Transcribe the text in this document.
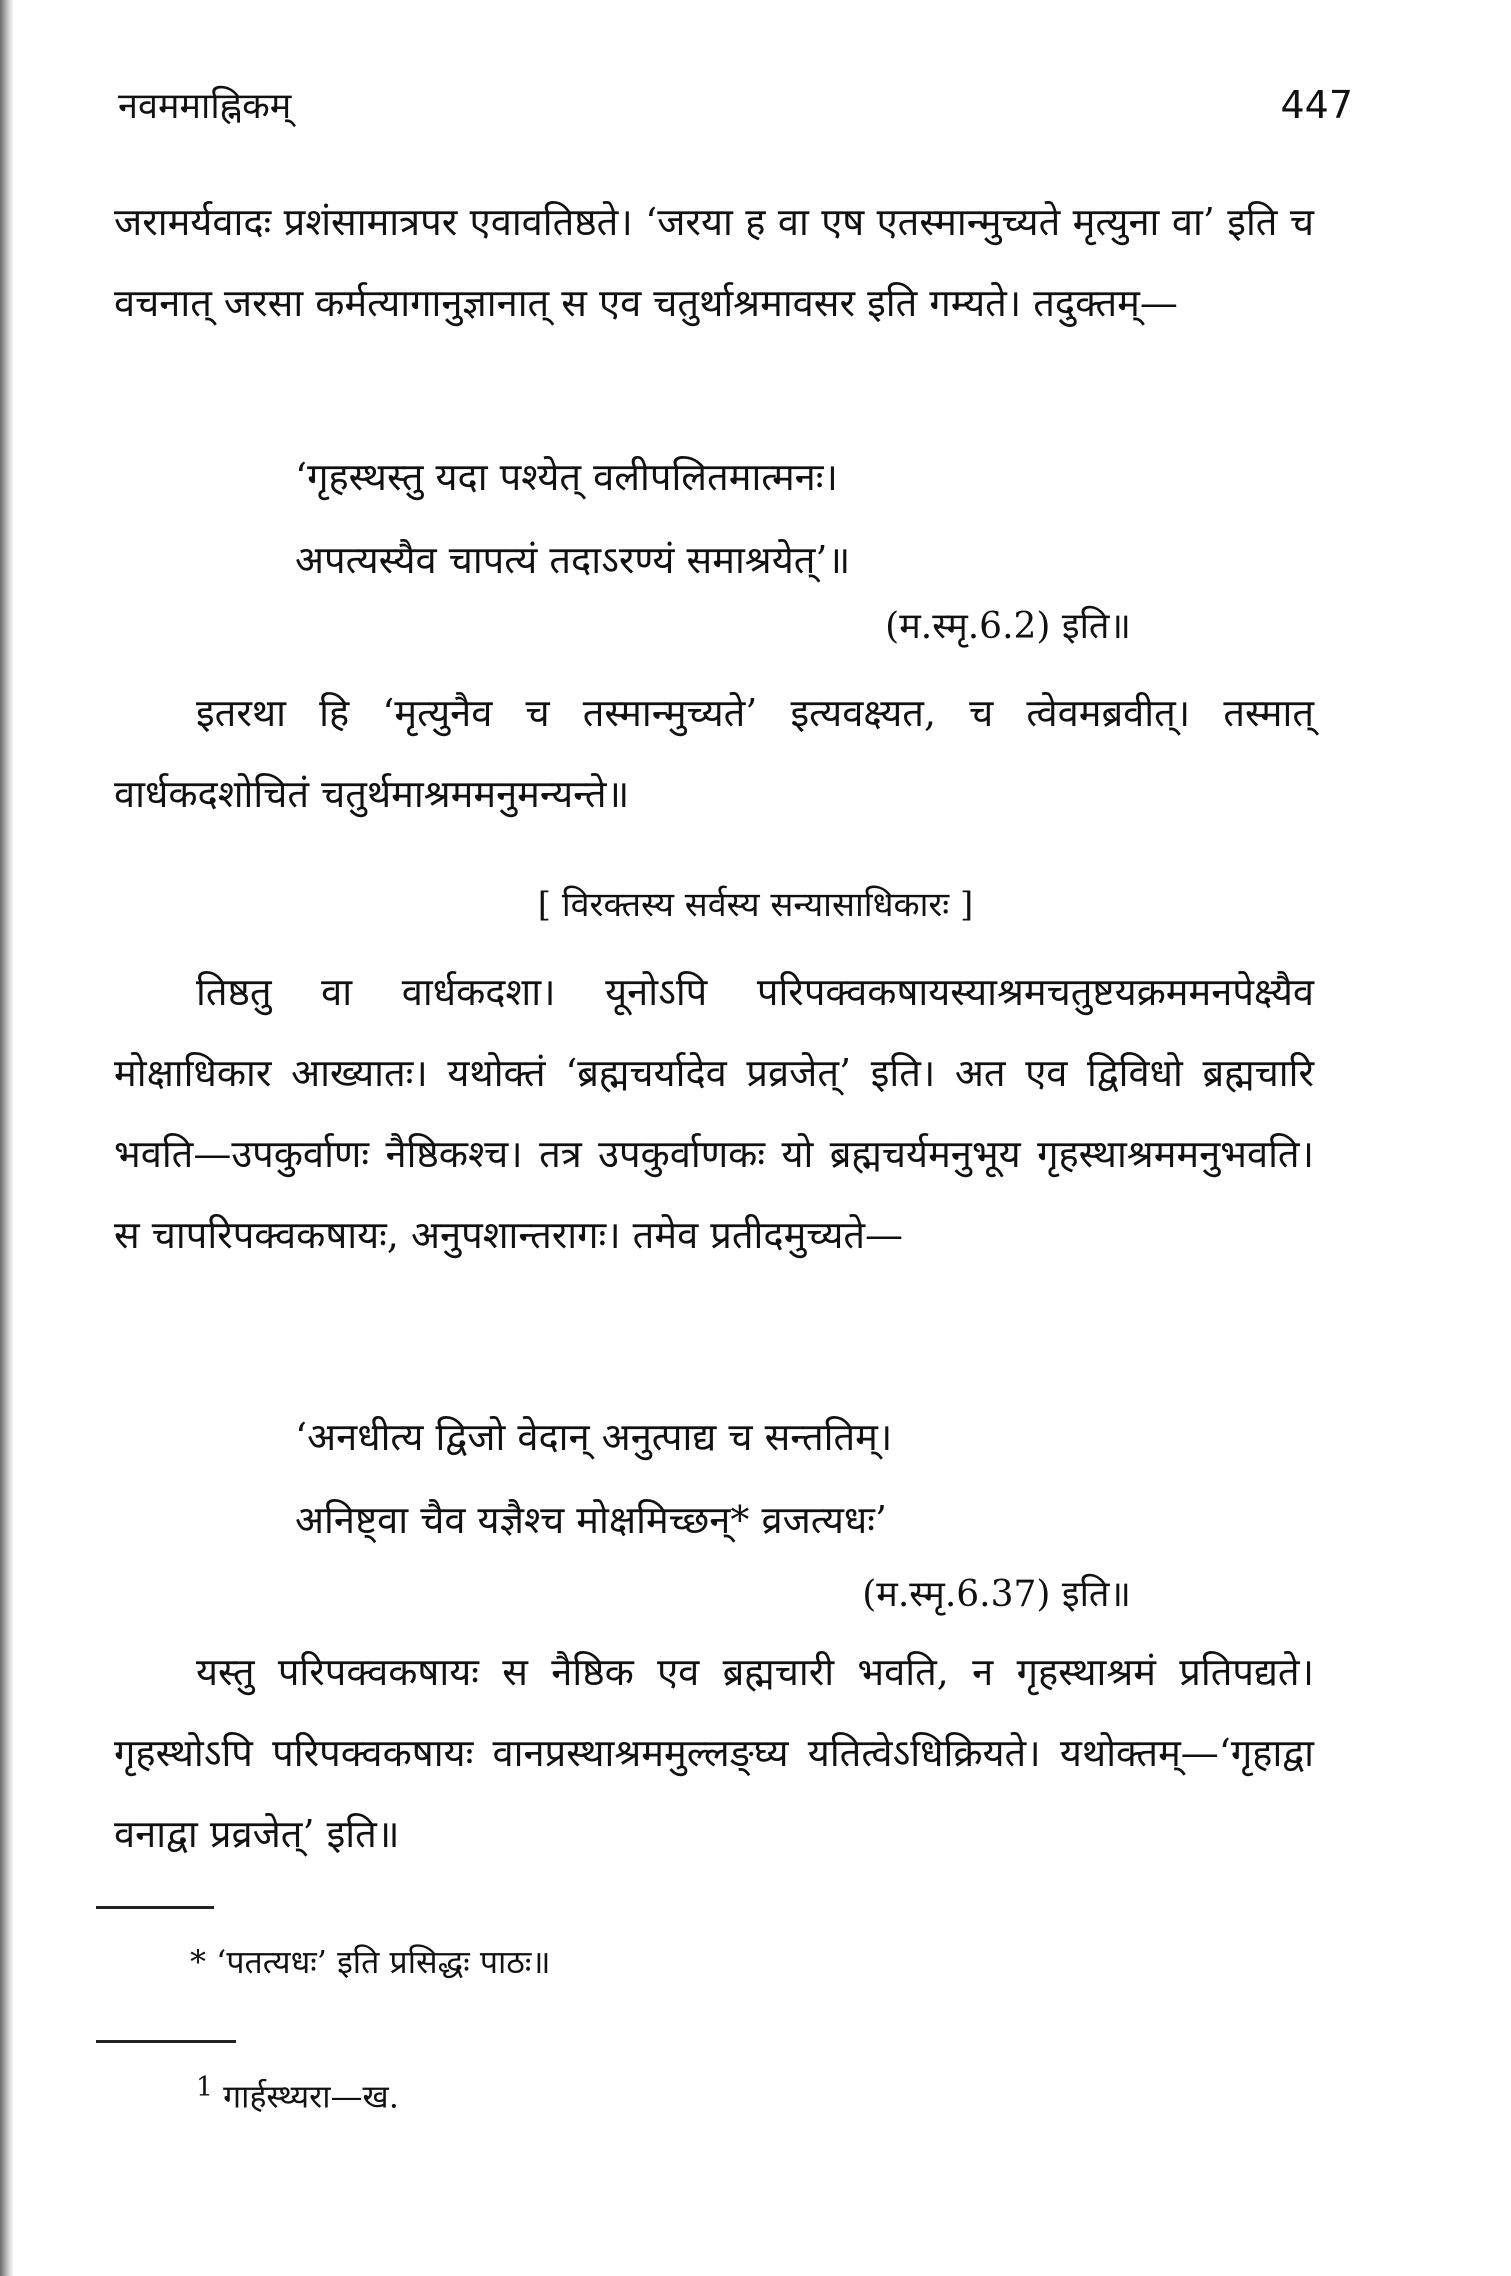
नवममाह्निकम्	447
जरामर्यवादः प्रशंसामात्रपर एवावतिष्ठते। ‘जरया ह वा एष एतस्मान्मुच्यते मृत्युना वा’ इति च वचनात् जरसा कर्मत्यागानुज्ञानात् स एव चतुर्थाश्रमावसर इति गम्यते। तदुक्तम्—
‘गृहस्थस्तु यदा पश्येत् वलीपलितमात्मनः।
अपत्यस्यैव चापत्यं तदाऽरण्यं समाश्रयेत्’॥
(म.स्मृ.6.2) इति॥
इतरथा हि ‘मृत्युनैव च तस्मान्मुच्यते’ इत्यवक्ष्यत, च त्वेवमब्रवीत्। तस्मात् वार्धकदशोचितं चतुर्थमाश्रममनुमन्यन्ते॥
[ विरक्तस्य सर्वस्य सन्यासाधिकारः ]
तिष्ठतु वा वार्धकदशा। यूनोऽपि परिपक्वकषायस्याश्रमचतुष्टयक्रममनपेक्ष्यैव मोक्षाधिकार आख्यातः। यथोक्तं ‘ब्रह्मचर्यादेव प्रव्रजेत्’ इति। अत एव द्विविधो ब्रह्मचारि भवति—उपकुर्वाणः नैष्ठिकश्च। तत्र उपकुर्वाणकः यो ब्रह्मचर्यमनुभूय गृहस्थाश्रममनुभवति। स चापरिपक्वकषायः, अनुपशान्तरागः। तमेव प्रतीदमुच्यते—
‘अनधीत्य द्विजो वेदान् अनुत्पाद्य च सन्ततिम्।
अनिष्ट्वा चैव यज्ञैश्च मोक्षमिच्छन्* व्रजत्यधः’
(म.स्मृ.6.37) इति॥
यस्तु परिपक्वकषायः स नैष्ठिक एव ब्रह्मचारी भवति, न गृहस्थाश्रमं प्रतिपद्यते। गृहस्थोऽपि परिपक्वकषायः वानप्रस्थाश्रममुल्लङ्घ्य यतित्वेऽधिक्रियते। यथोक्तम्—‘गृहाद्वा वनाद्वा प्रव्रजेत्’ इति॥
* ‘पतत्यधः’ इति प्रसिद्धः पाठः॥
$^1$ गार्हस्थ्यरा—ख.
